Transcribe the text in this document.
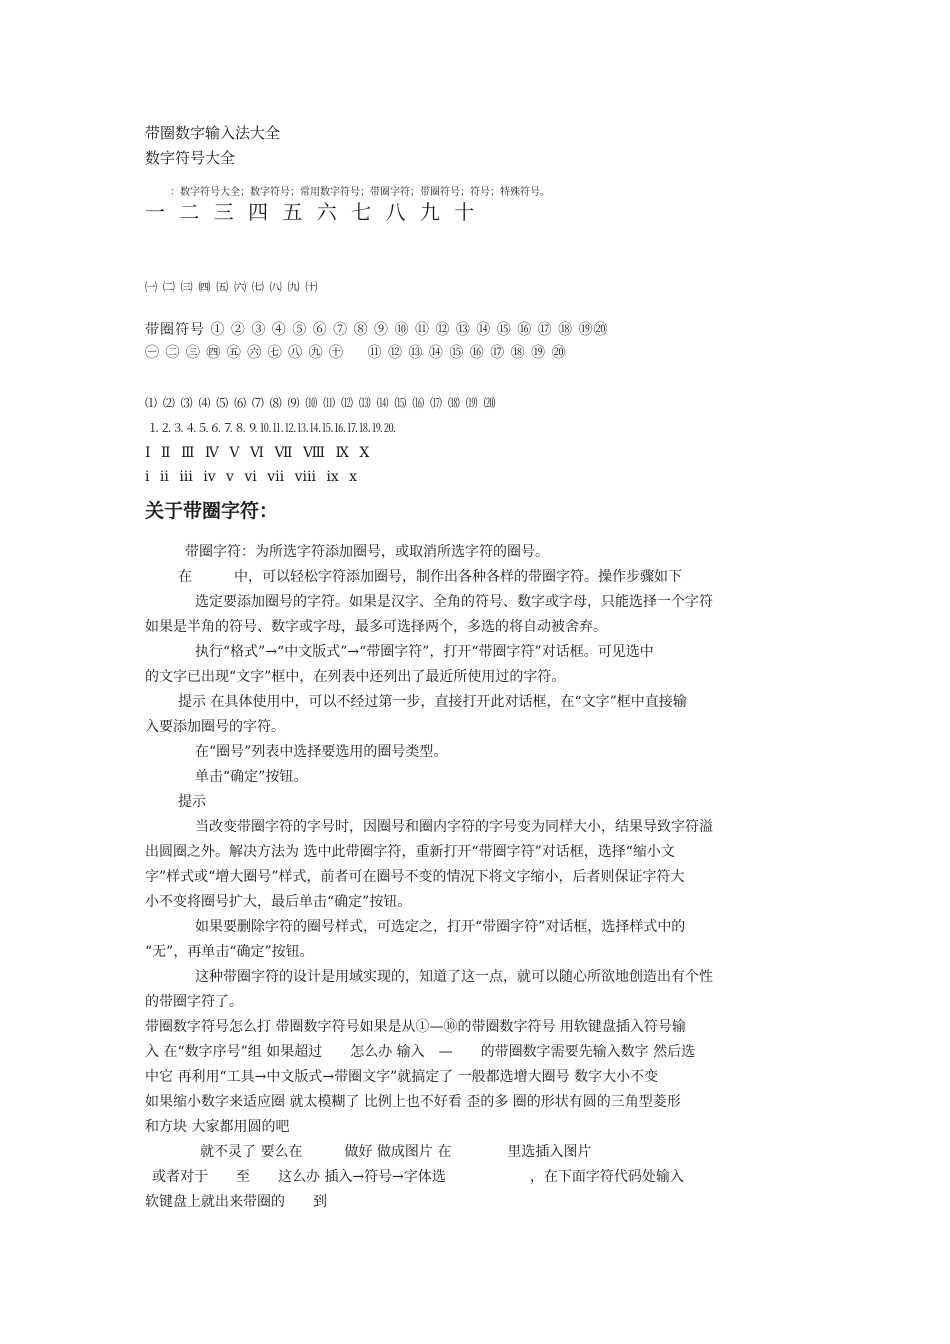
带圈数字输入法大全
数字符号大全
：数字符号大全；数字符号；常用数字符号；带圈字符；带圈符号；符号；特殊符号。
一 二 三 四 五 六 七 八 九 十
㈠ ㈡ ㈢ ㈣ ㈤ ㈥ ㈦ ㈧ ㈨ ㈩
带圈符号 ① ② ③ ④ ⑤ ⑥ ⑦ ⑧ ⑨ ⑩ ⑪ ⑫ ⑬ ⑭ ⑮ ⑯ ⑰ ⑱ ⑲⑳
㊀ ㊁ ㊂ ㊃ ㊄ ㊅ ㊆ ㊇ ㊈ ㊉ ⑪ ⑫ ⑬ ⑭ ⑮ ⑯ ⑰ ⑱ ⑲ ⑳
⑴ ⑵ ⑶ ⑷ ⑸ ⑹ ⑺ ⑻ ⑼ ⑽ ⑾ ⑿ ⒀ ⒁ ⒂ ⒃ ⒄ ⒅ ⒆ ⒇
⒈⒉⒊⒋⒌⒍⒎⒏⒐⒑⒒⒓⒔⒕⒖⒗⒘⒙⒚⒛
Ⅰ Ⅱ Ⅲ Ⅳ Ⅴ Ⅵ Ⅶ Ⅷ Ⅸ Ⅹ
ⅰ ⅱ ⅲ ⅳ ⅴ ⅵ ⅶ ⅷ ⅸ ⅹ
关于带圈字符：
带圈字符：为所选字符添加圈号，或取消所选字符的圈号。
在　　　中，可以轻松字符添加圈号，制作出各种各样的带圈字符。操作步骤如下
选定要添加圈号的字符。如果是汉字、全角的符号、数字或字母，只能选择一个字符
如果是半角的符号、数字或字母，最多可选择两个，多选的将自动被舍弃。
执行“格式”→“中文版式”→“带圈字符”，打开“带圈字符”对话框。可见选中
的文字已出现“文字”框中，在列表中还列出了最近所使用过的字符。
提示 在具体使用中，可以不经过第一步，直接打开此对话框，在“文字”框中直接输
入要添加圈号的字符。
在“圈号”列表中选择要选用的圈号类型。
单击“确定”按钮。
提示
当改变带圈字符的字号时，因圈号和圈内字符的字号变为同样大小，结果导致字符溢
出圆圈之外。解决方法为 选中此带圈字符，重新打开“带圈字符”对话框，选择“缩小文
字”样式或“增大圈号”样式，前者可在圈号不变的情况下将文字缩小，后者则保证字符大
小不变将圈号扩大，最后单击“确定”按钮。
如果要删除字符的圈号样式，可选定之，打开“带圈字符”对话框，选择样式中的
“无”，再单击“确定”按钮。
这种带圈字符的设计是用域实现的，知道了这一点，就可以随心所欲地创造出有个性
的带圈字符了。
带圈数字符号怎么打 带圈数字符号如果是从①—⑩的带圈数字符号 用软键盘插入符号输
入 在“数字序号”组 如果超过　　怎么办 输入　—　　的带圈数字需要先输入数字 然后选
中它 再利用“工具→中文版式→带圈文字”就搞定了 一般都选增大圈号 数字大小不变
如果缩小数字来适应圈 就太模糊了 比例上也不好看 歪的多 圈的形状有圆的三角型菱形
和方块 大家都用圆的吧
就不灵了 要么在　　　做好 做成图片 在　　　　里选插入图片
或者对于　　至　　这么办 插入→符号→字体选　　　　　　，在下面字符代码处输入
软键盘上就出来带圈的　　到
